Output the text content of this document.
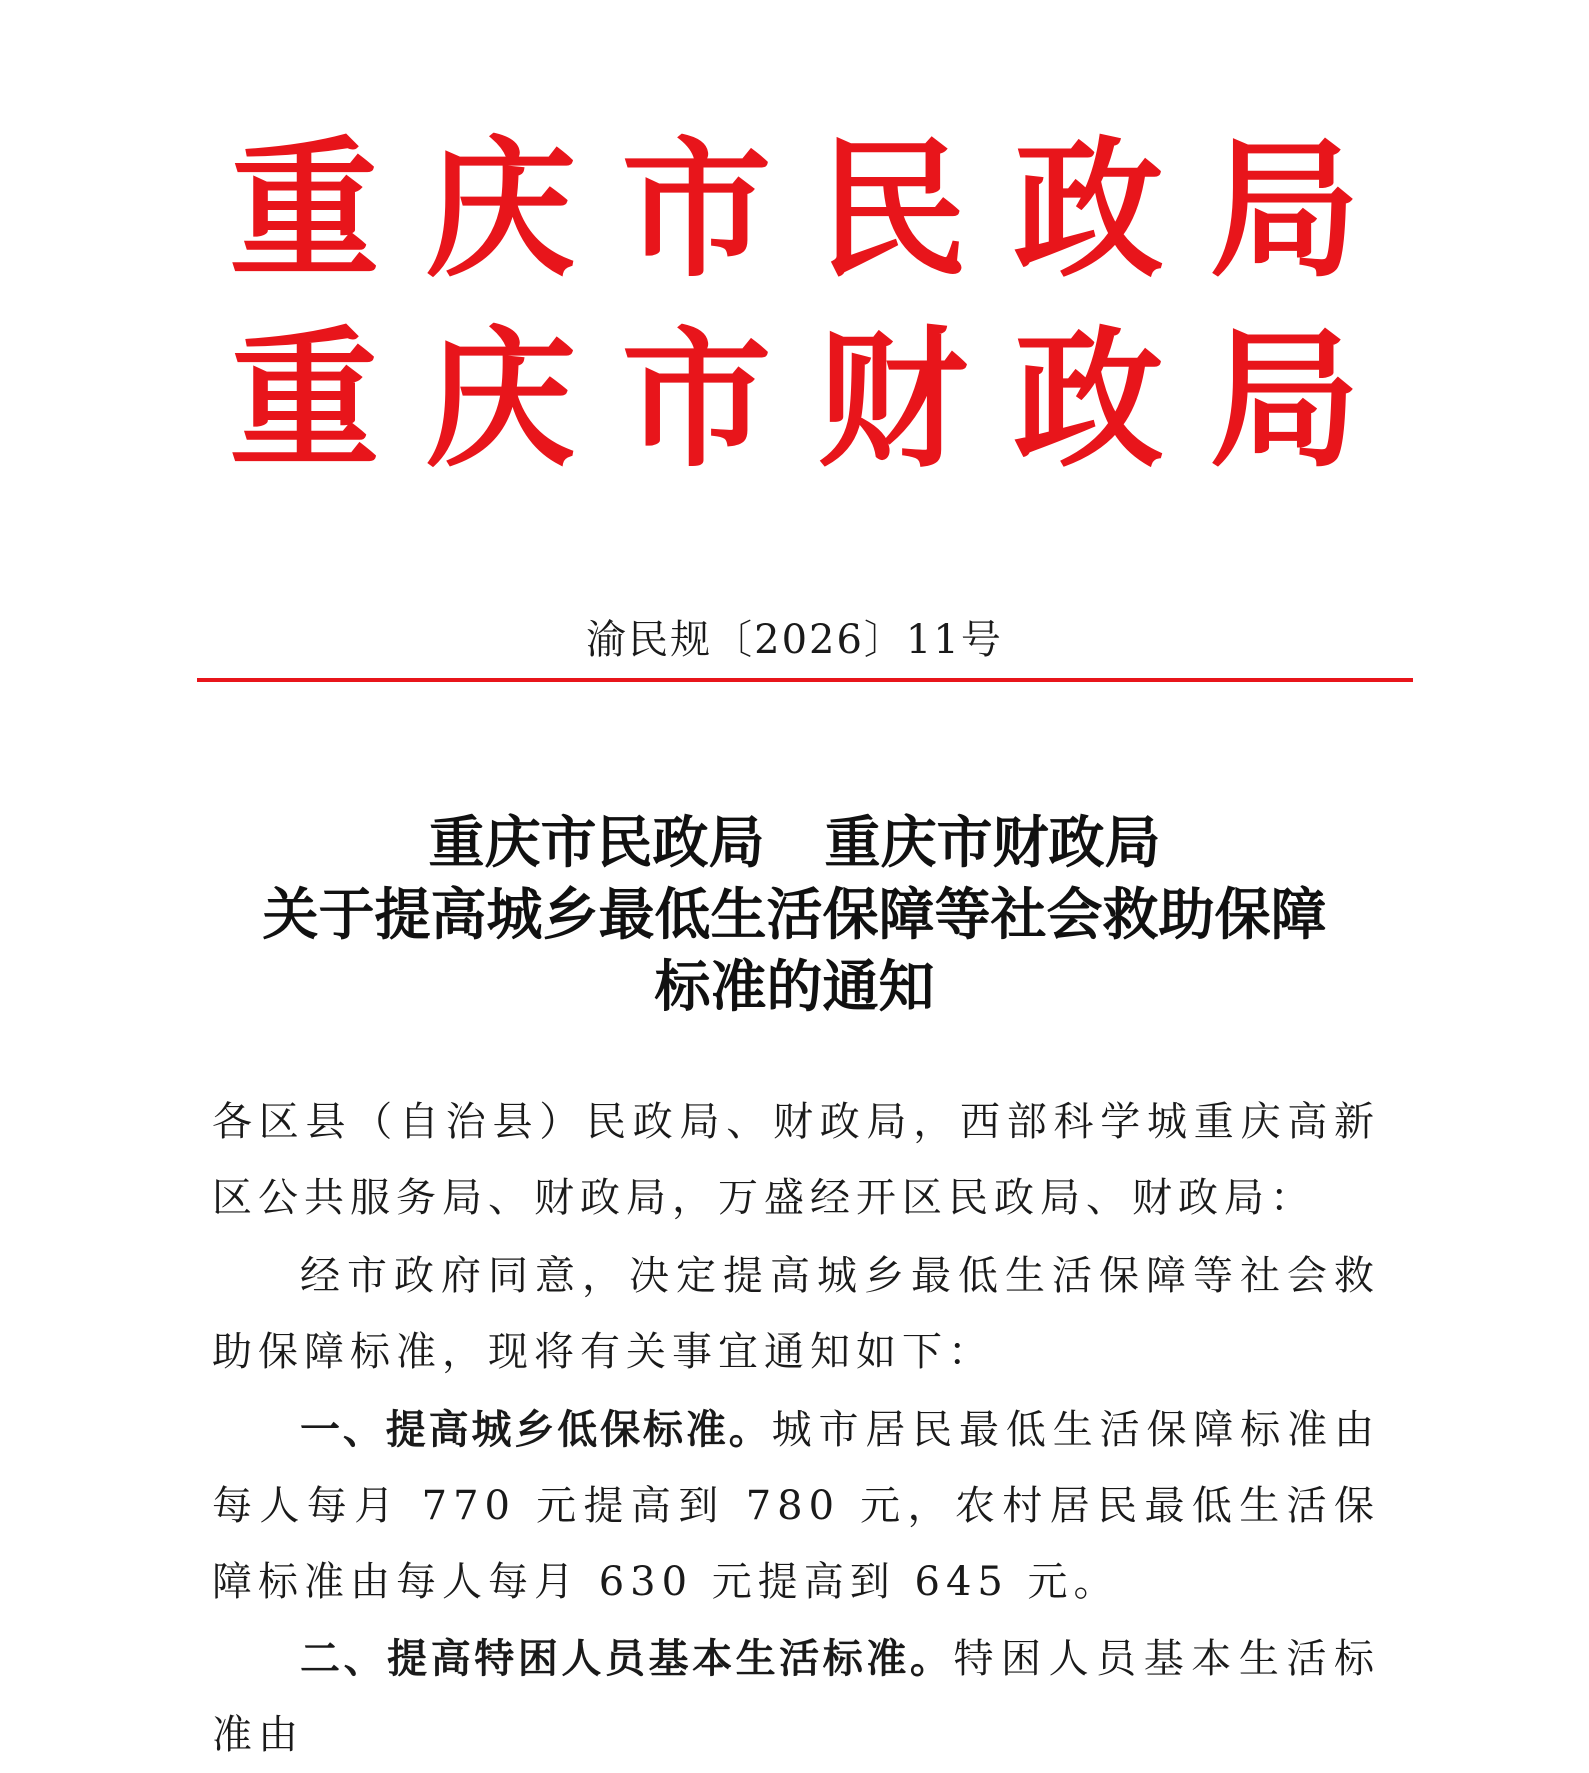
重庆市民政局
重庆市财政局
渝民规〔2026〕11号
重庆市民政局 重庆市财政局
关于提高城乡最低生活保障等社会救助保障
标准的通知
各区县（自治县）民政局、财政局，西部科学城重庆高新区公共服务局、财政局，万盛经开区民政局、财政局：
经市政府同意，决定提高城乡最低生活保障等社会救助保障标准，现将有关事宜通知如下：
一、提高城乡低保标准。城市居民最低生活保障标准由每人每月 770 元提高到 780 元，农村居民最低生活保障标准由每人每月 630 元提高到 645 元。
二、提高特困人员基本生活标准。特困人员基本生活标准由
